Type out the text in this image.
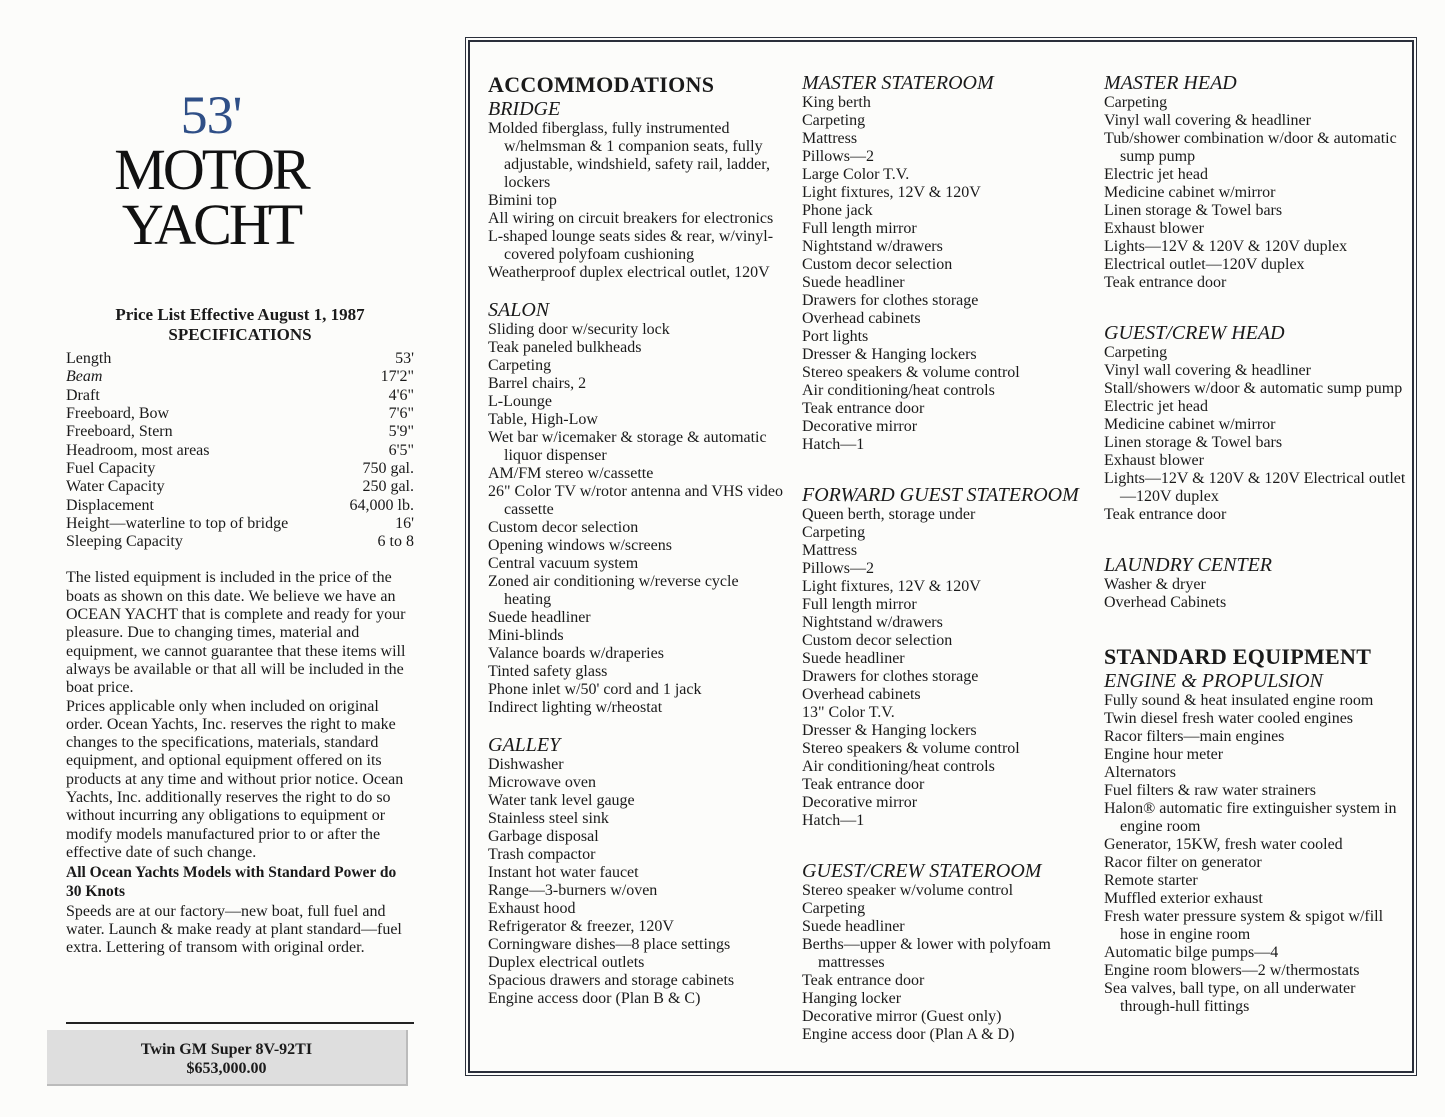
53'
MOTOR
YACHT
Price List Effective August 1, 1987
SPECIFICATIONS
Length	53'
Beam	17'2"
Draft	4'6"
Freeboard, Bow	7'6"
Freeboard, Stern	5'9"
Headroom, most areas	6'5"
Fuel Capacity	750 gal.
Water Capacity	250 gal.
Displacement	64,000 lb.
Height—waterline to top of bridge	16'
Sleeping Capacity	6 to 8

The listed equipment is included in the price of the boats as shown on this date. We believe we have an OCEAN YACHT that is complete and ready for your pleasure. Due to changing times, material and equipment, we cannot guarantee that these items will always be available or that all will be included in the boat price.

Prices applicable only when included on original order. Ocean Yachts, Inc. reserves the right to make changes to the specifications, materials, standard equipment, and optional equipment offered on its products at any time and without prior notice. Ocean Yachts, Inc. additionally reserves the right to do so without incurring any obligations to equipment or modify models manufactured prior to or after the effective date of such change.

All Ocean Yachts Models with Standard Power do 30 Knots

Speeds are at our factory—new boat, full fuel and water. Launch & make ready at plant standard—fuel extra. Lettering of transom with original order.

Twin GM Super 8V-92TI
$653,000.00
ACCOMMODATIONS
BRIDGE
Molded fiberglass, fully instrumented w/helmsman & 1 companion seats, fully adjustable, windshield, safety rail, ladder, lockers
Bimini top
All wiring on circuit breakers for electronics
L-shaped lounge seats sides & rear, w/vinyl-covered polyfoam cushioning
Weatherproof duplex electrical outlet, 120V
SALON
Sliding door w/security lock
Teak paneled bulkheads
Carpeting
Barrel chairs, 2
L-Lounge
Table, High-Low
Wet bar w/icemaker & storage & automatic liquor dispenser
AM/FM stereo w/cassette
26" Color TV w/rotor antenna and VHS video cassette
Custom decor selection
Opening windows w/screens
Central vacuum system
Zoned air conditioning w/reverse cycle heating
Suede headliner
Mini-blinds
Valance boards w/draperies
Tinted safety glass
Phone inlet w/50' cord and 1 jack
Indirect lighting w/rheostat
GALLEY
Dishwasher
Microwave oven
Water tank level gauge
Stainless steel sink
Garbage disposal
Trash compactor
Instant hot water faucet
Range—3-burners w/oven
Exhaust hood
Refrigerator & freezer, 120V
Corningware dishes—8 place settings
Duplex electrical outlets
Spacious drawers and storage cabinets
Engine access door (Plan B & C)
MASTER STATEROOM
King berth
Carpeting
Mattress
Pillows—2
Large Color T.V.
Light fixtures, 12V & 120V
Phone jack
Full length mirror
Nightstand w/drawers
Custom decor selection
Suede headliner
Drawers for clothes storage
Overhead cabinets
Port lights
Dresser & Hanging lockers
Stereo speakers & volume control
Air conditioning/heat controls
Teak entrance door
Decorative mirror
Hatch—1
FORWARD GUEST STATEROOM
Queen berth, storage under
Carpeting
Mattress
Pillows—2
Light fixtures, 12V & 120V
Full length mirror
Nightstand w/drawers
Custom decor selection
Suede headliner
Drawers for clothes storage
Overhead cabinets
13" Color T.V.
Dresser & Hanging lockers
Stereo speakers & volume control
Air conditioning/heat controls
Teak entrance door
Decorative mirror
Hatch—1
GUEST/CREW STATEROOM
Stereo speaker w/volume control
Carpeting
Suede headliner
Berths—upper & lower with polyfoam mattresses
Teak entrance door
Hanging locker
Decorative mirror (Guest only)
Engine access door (Plan A & D)
MASTER HEAD
Carpeting
Vinyl wall covering & headliner
Tub/shower combination w/door & automatic sump pump
Electric jet head
Medicine cabinet w/mirror
Linen storage & Towel bars
Exhaust blower
Lights—12V & 120V & 120V duplex
Electrical outlet—120V duplex
Teak entrance door
GUEST/CREW HEAD
Carpeting
Vinyl wall covering & headliner
Stall/showers w/door & automatic sump pump
Electric jet head
Medicine cabinet w/mirror
Linen storage & Towel bars
Exhaust blower
Lights—12V & 120V & 120V Electrical outlet—120V duplex
Teak entrance door
LAUNDRY CENTER
Washer & dryer
Overhead Cabinets
STANDARD EQUIPMENT
ENGINE & PROPULSION
Fully sound & heat insulated engine room
Twin diesel fresh water cooled engines
Racor filters—main engines
Engine hour meter
Alternators
Fuel filters & raw water strainers
Halon® automatic fire extinguisher system in engine room
Generator, 15KW, fresh water cooled
Racor filter on generator
Remote starter
Muffled exterior exhaust
Fresh water pressure system & spigot w/fill hose in engine room
Automatic bilge pumps—4
Engine room blowers—2 w/thermostats
Sea valves, ball type, on all underwater through-hull fittings
